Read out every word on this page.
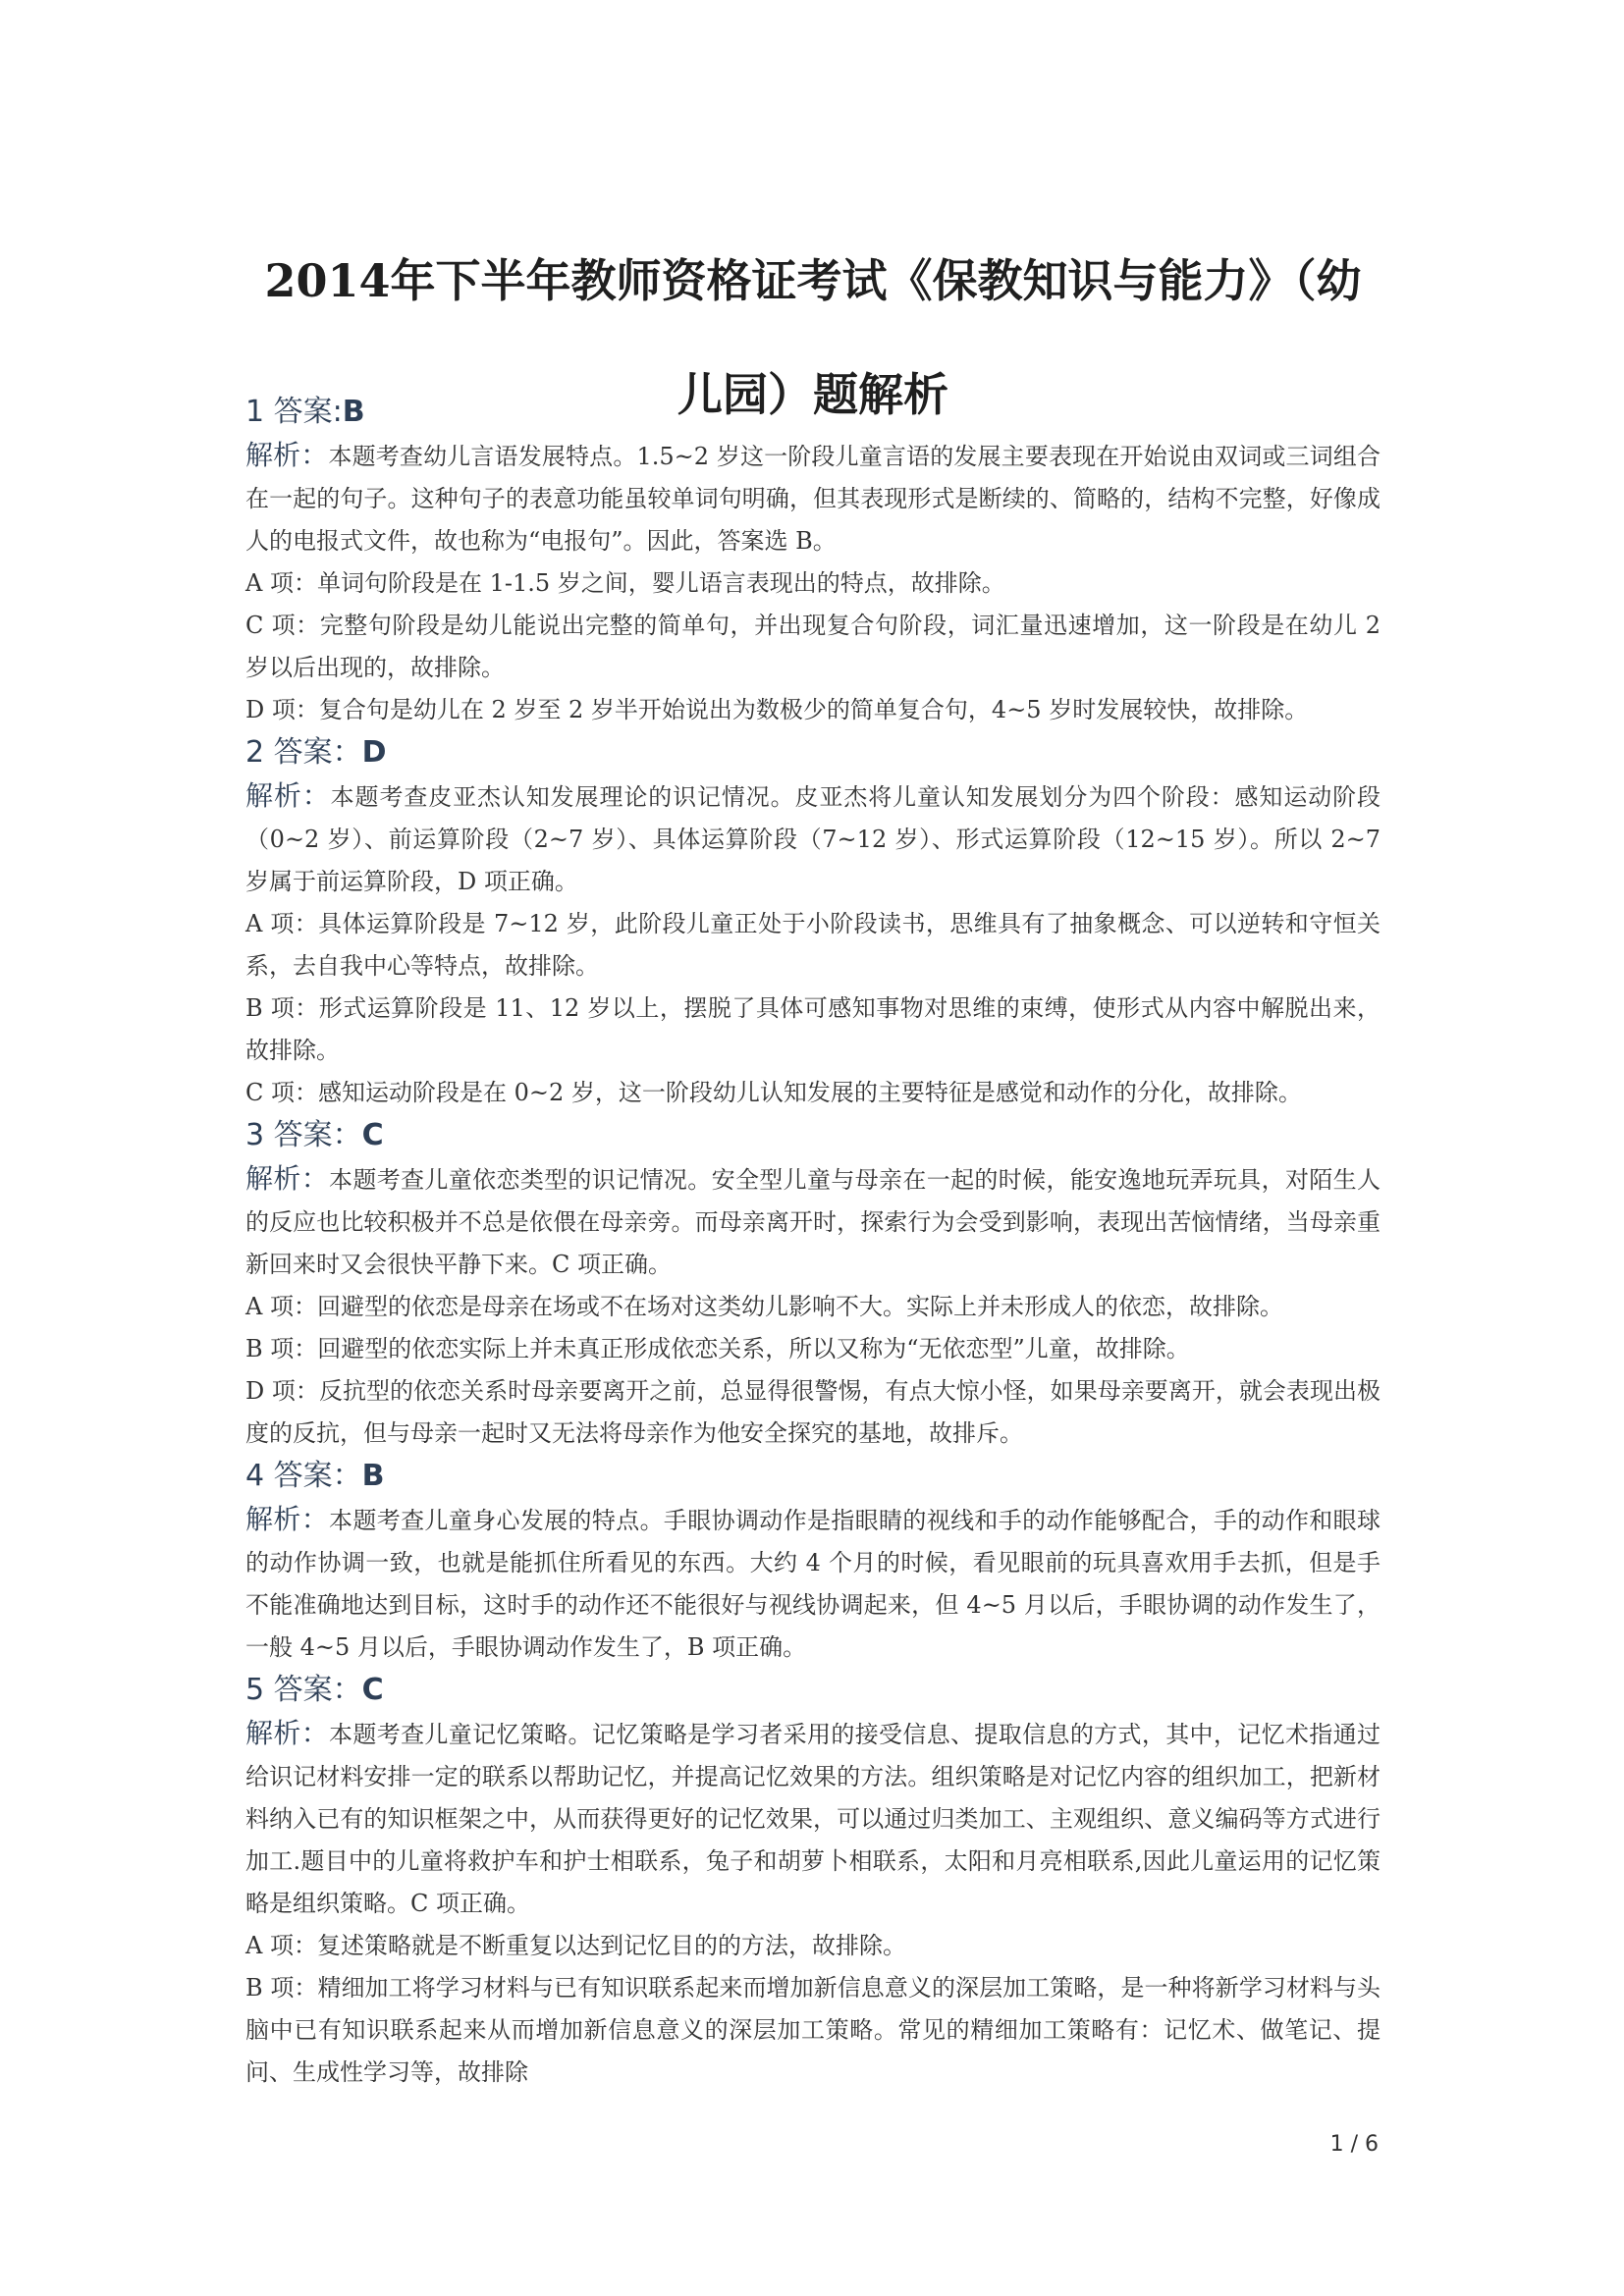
2014年下半年教师资格证考试《保教知识与能力》（幼儿园）题解析

1 答案:B

解析：本题考查幼儿言语发展特点。1.5~2 岁这一阶段儿童言语的发展主要表现在开始说由双词或三词组合在一起的句子。这种句子的表意功能虽较单词句明确，但其表现形式是断续的、简略的，结构不完整，好像成人的电报式文件，故也称为“电报句”。因此，答案选 B。

A 项：单词句阶段是在 1-1.5 岁之间，婴儿语言表现出的特点，故排除。

C 项：完整句阶段是幼儿能说出完整的简单句，并出现复合句阶段，词汇量迅速增加，这一阶段是在幼儿 2 岁以后出现的，故排除。

D 项：复合句是幼儿在 2 岁至 2 岁半开始说出为数极少的简单复合句，4~5 岁时发展较快，故排除。

2 答案：D

解析：本题考查皮亚杰认知发展理论的识记情况。皮亚杰将儿童认知发展划分为四个阶段：感知运动阶段（0~2 岁）、前运算阶段（2~7 岁）、具体运算阶段（7~12 岁）、形式运算阶段（12~15 岁）。所以 2~7 岁属于前运算阶段，D 项正确。

A 项：具体运算阶段是 7~12 岁，此阶段儿童正处于小阶段读书，思维具有了抽象概念、可以逆转和守恒关系，去自我中心等特点，故排除。

B 项：形式运算阶段是 11、12 岁以上，摆脱了具体可感知事物对思维的束缚，使形式从内容中解脱出来，故排除。

C 项：感知运动阶段是在 0~2 岁，这一阶段幼儿认知发展的主要特征是感觉和动作的分化，故排除。

3 答案：C

解析：本题考查儿童依恋类型的识记情况。安全型儿童与母亲在一起的时候，能安逸地玩弄玩具，对陌生人的反应也比较积极并不总是依偎在母亲旁。而母亲离开时，探索行为会受到影响，表现出苦恼情绪，当母亲重新回来时又会很快平静下来。C 项正确。

A 项：回避型的依恋是母亲在场或不在场对这类幼儿影响不大。实际上并未形成人的依恋，故排除。

B 项：回避型的依恋实际上并未真正形成依恋关系，所以又称为“无依恋型”儿童，故排除。

D 项：反抗型的依恋关系时母亲要离开之前，总显得很警惕，有点大惊小怪，如果母亲要离开，就会表现出极度的反抗，但与母亲一起时又无法将母亲作为他安全探究的基地，故排斥。

4 答案：B

解析：本题考查儿童身心发展的特点。手眼协调动作是指眼睛的视线和手的动作能够配合，手的动作和眼球的动作协调一致，也就是能抓住所看见的东西。大约 4 个月的时候，看见眼前的玩具喜欢用手去抓，但是手不能准确地达到目标，这时手的动作还不能很好与视线协调起来，但 4~5 月以后，手眼协调的动作发生了，一般 4~5 月以后，手眼协调动作发生了，B 项正确。

5 答案：C

解析：本题考查儿童记忆策略。记忆策略是学习者采用的接受信息、提取信息的方式，其中，记忆术指通过给识记材料安排一定的联系以帮助记忆，并提高记忆效果的方法。组织策略是对记忆内容的组织加工，把新材料纳入已有的知识框架之中，从而获得更好的记忆效果，可以通过归类加工、主观组织、意义编码等方式进行加工.题目中的儿童将救护车和护士相联系，兔子和胡萝卜相联系，太阳和月亮相联系,因此儿童运用的记忆策略是组织策略。C 项正确。

A 项：复述策略就是不断重复以达到记忆目的的方法，故排除。

B 项：精细加工将学习材料与已有知识联系起来而增加新信息意义的深层加工策略，是一种将新学习材料与头脑中已有知识联系起来从而增加新信息意义的深层加工策略。常见的精细加工策略有：记忆术、做笔记、提问、生成性学习等，故排除

1 / 6
